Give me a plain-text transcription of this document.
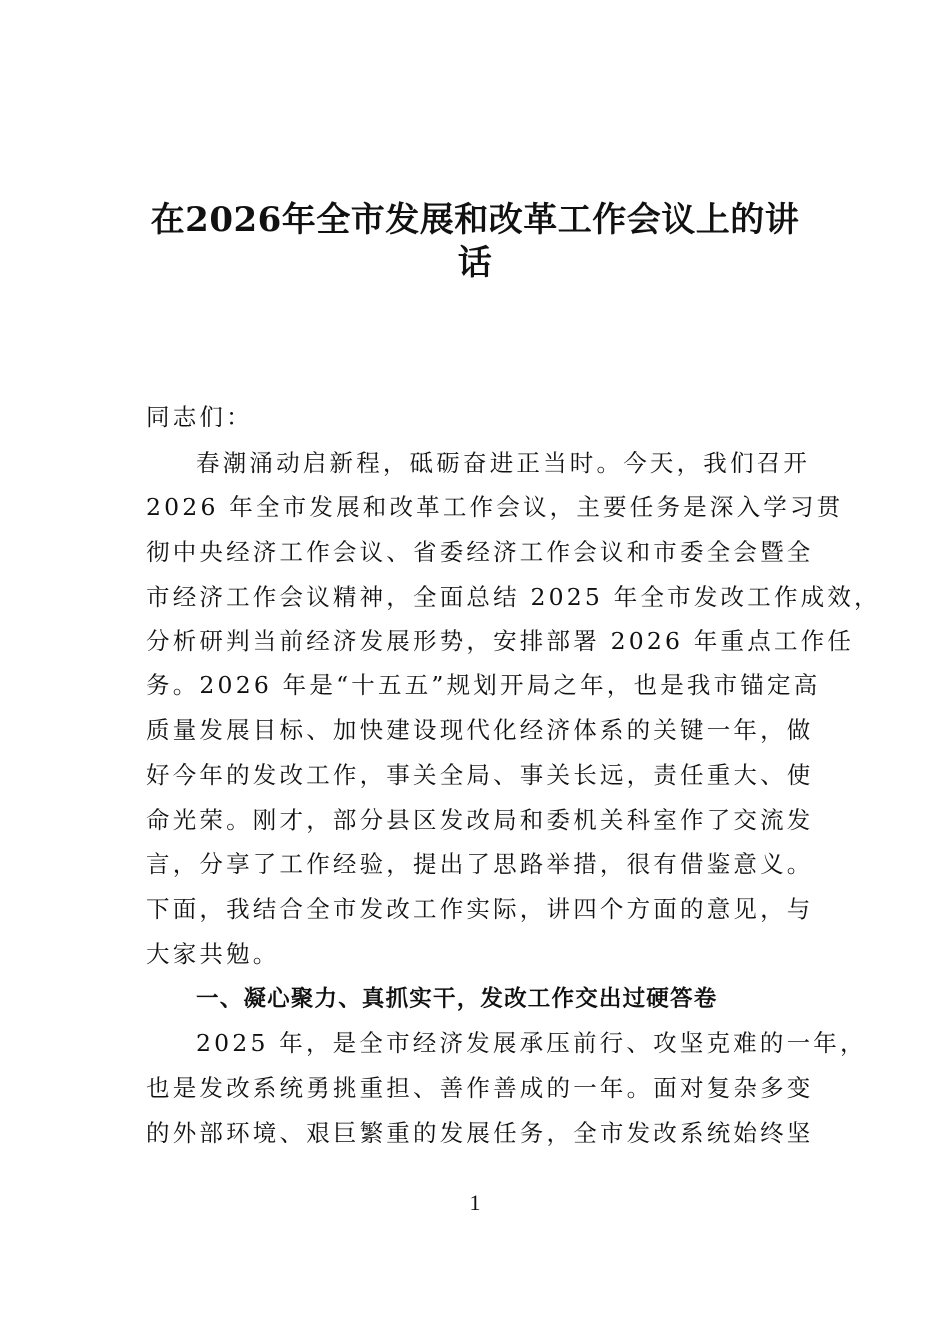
在2026年全市发展和改革工作会议上的讲
话
同志们：
春潮涌动启新程，砥砺奋进正当时。今天，我们召开
2026 年全市发展和改革工作会议，主要任务是深入学习贯
彻中央经济工作会议、省委经济工作会议和市委全会暨全
市经济工作会议精神，全面总结 2025 年全市发改工作成效，
分析研判当前经济发展形势，安排部署 2026 年重点工作任
务。2026 年是“十五五”规划开局之年，也是我市锚定高
质量发展目标、加快建设现代化经济体系的关键一年，做
好今年的发改工作，事关全局、事关长远，责任重大、使
命光荣。刚才，部分县区发改局和委机关科室作了交流发
言，分享了工作经验，提出了思路举措，很有借鉴意义。
下面，我结合全市发改工作实际，讲四个方面的意见，与
大家共勉。
一、凝心聚力、真抓实干，发改工作交出过硬答卷
2025 年，是全市经济发展承压前行、攻坚克难的一年，
也是发改系统勇挑重担、善作善成的一年。面对复杂多变
的外部环境、艰巨繁重的发展任务，全市发改系统始终坚
1
